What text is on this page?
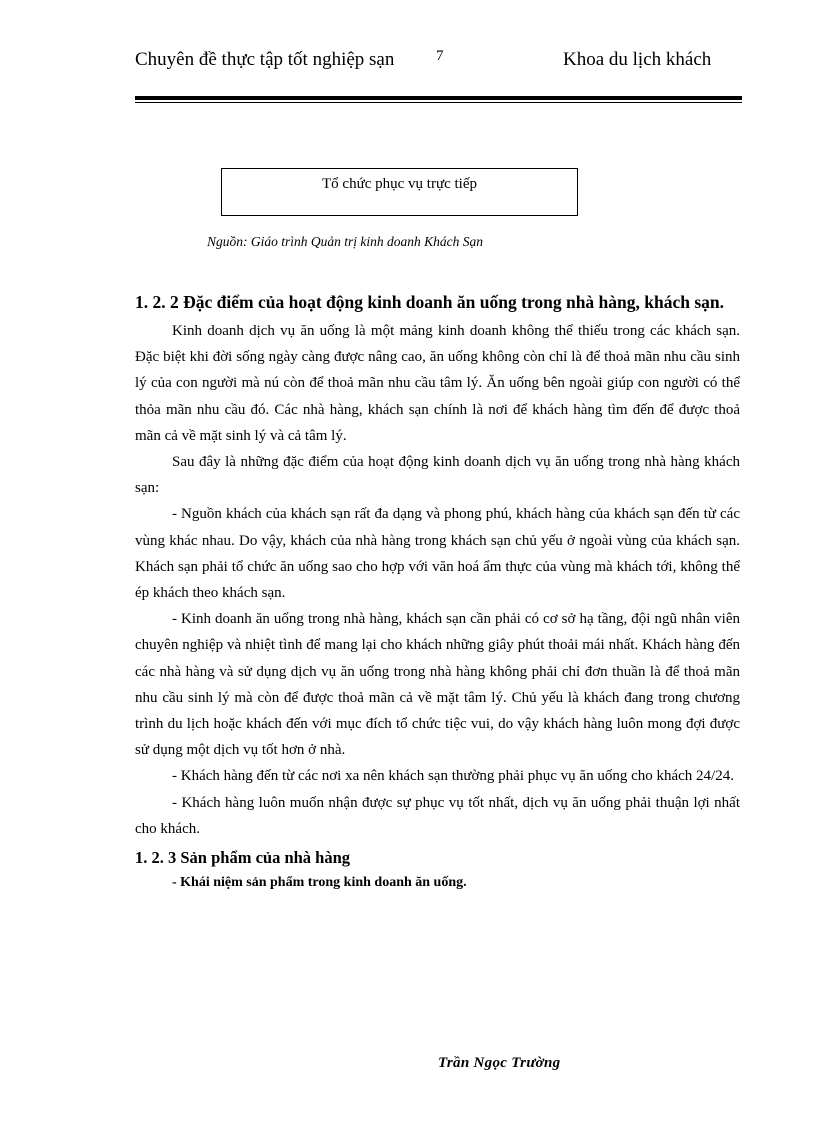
Chuyên đề thực tập tốt nghiệp sạn	7	Khoa du lịch khách
Tổ chức phục vụ trực tiếp
Nguồn: Giáo trình Quản trị kinh doanh Khách Sạn

1. 2. 2 Đặc điểm của hoạt động kinh doanh ăn uống trong nhà hàng, khách sạn.

Kinh doanh dịch vụ ăn uống là một mảng kinh doanh không thể thiếu trong các khách sạn. Đặc biệt khi đời sống ngày càng được nâng cao, ăn uống không còn chỉ là để thoả mãn nhu cầu sinh lý của con người mà nú còn để thoả mãn nhu cầu tâm lý. Ăn uống bên ngoài giúp con người có thể thỏa mãn nhu cầu đó. Các nhà hàng, khách sạn chính là nơi để khách hàng tìm đến để được thoả mãn cả về mặt sinh lý và cả tâm lý.

Sau đây là những đặc điểm của hoạt động kinh doanh dịch vụ ăn uống trong nhà hàng khách sạn:

- Nguồn khách của khách sạn rất đa dạng và phong phú, khách hàng của khách sạn đến từ các vùng khác nhau. Do vậy, khách của nhà hàng trong khách sạn chủ yếu ở ngoài vùng của khách sạn. Khách sạn phải tổ chức ăn uống sao cho hợp với văn hoá ẩm thực của vùng mà khách tới, không thể ép khách theo khách sạn.

- Kinh doanh ăn uống trong nhà hàng, khách sạn cần phải có cơ sở hạ tầng, đội ngũ nhân viên chuyên nghiệp và nhiệt tình để mang lại cho khách những giây phút thoải mái nhất. Khách hàng đến các nhà hàng và sử dụng dịch vụ ăn uống trong nhà hàng không phải chỉ đơn thuần là để thoả mãn nhu cầu sinh lý mà còn để được thoả mãn cả về mặt tâm lý. Chủ yếu là khách đang trong chương trình du lịch hoặc khách đến với mục đích tổ chức tiệc vui, do vậy khách hàng luôn mong đợi được sử dụng một dịch vụ tốt hơn ở nhà.

- Khách hàng đến từ các nơi xa nên khách sạn thường phải phục vụ ăn uống cho khách 24/24.

- Khách hàng luôn muốn nhận được sự phục vụ tốt nhất, dịch vụ ăn uống phải thuận lợi nhất cho khách.

1. 2. 3 Sản phẩm của nhà hàng

- Khái niệm sản phẩm trong kinh doanh ăn uống.

Trần Ngọc Trường
